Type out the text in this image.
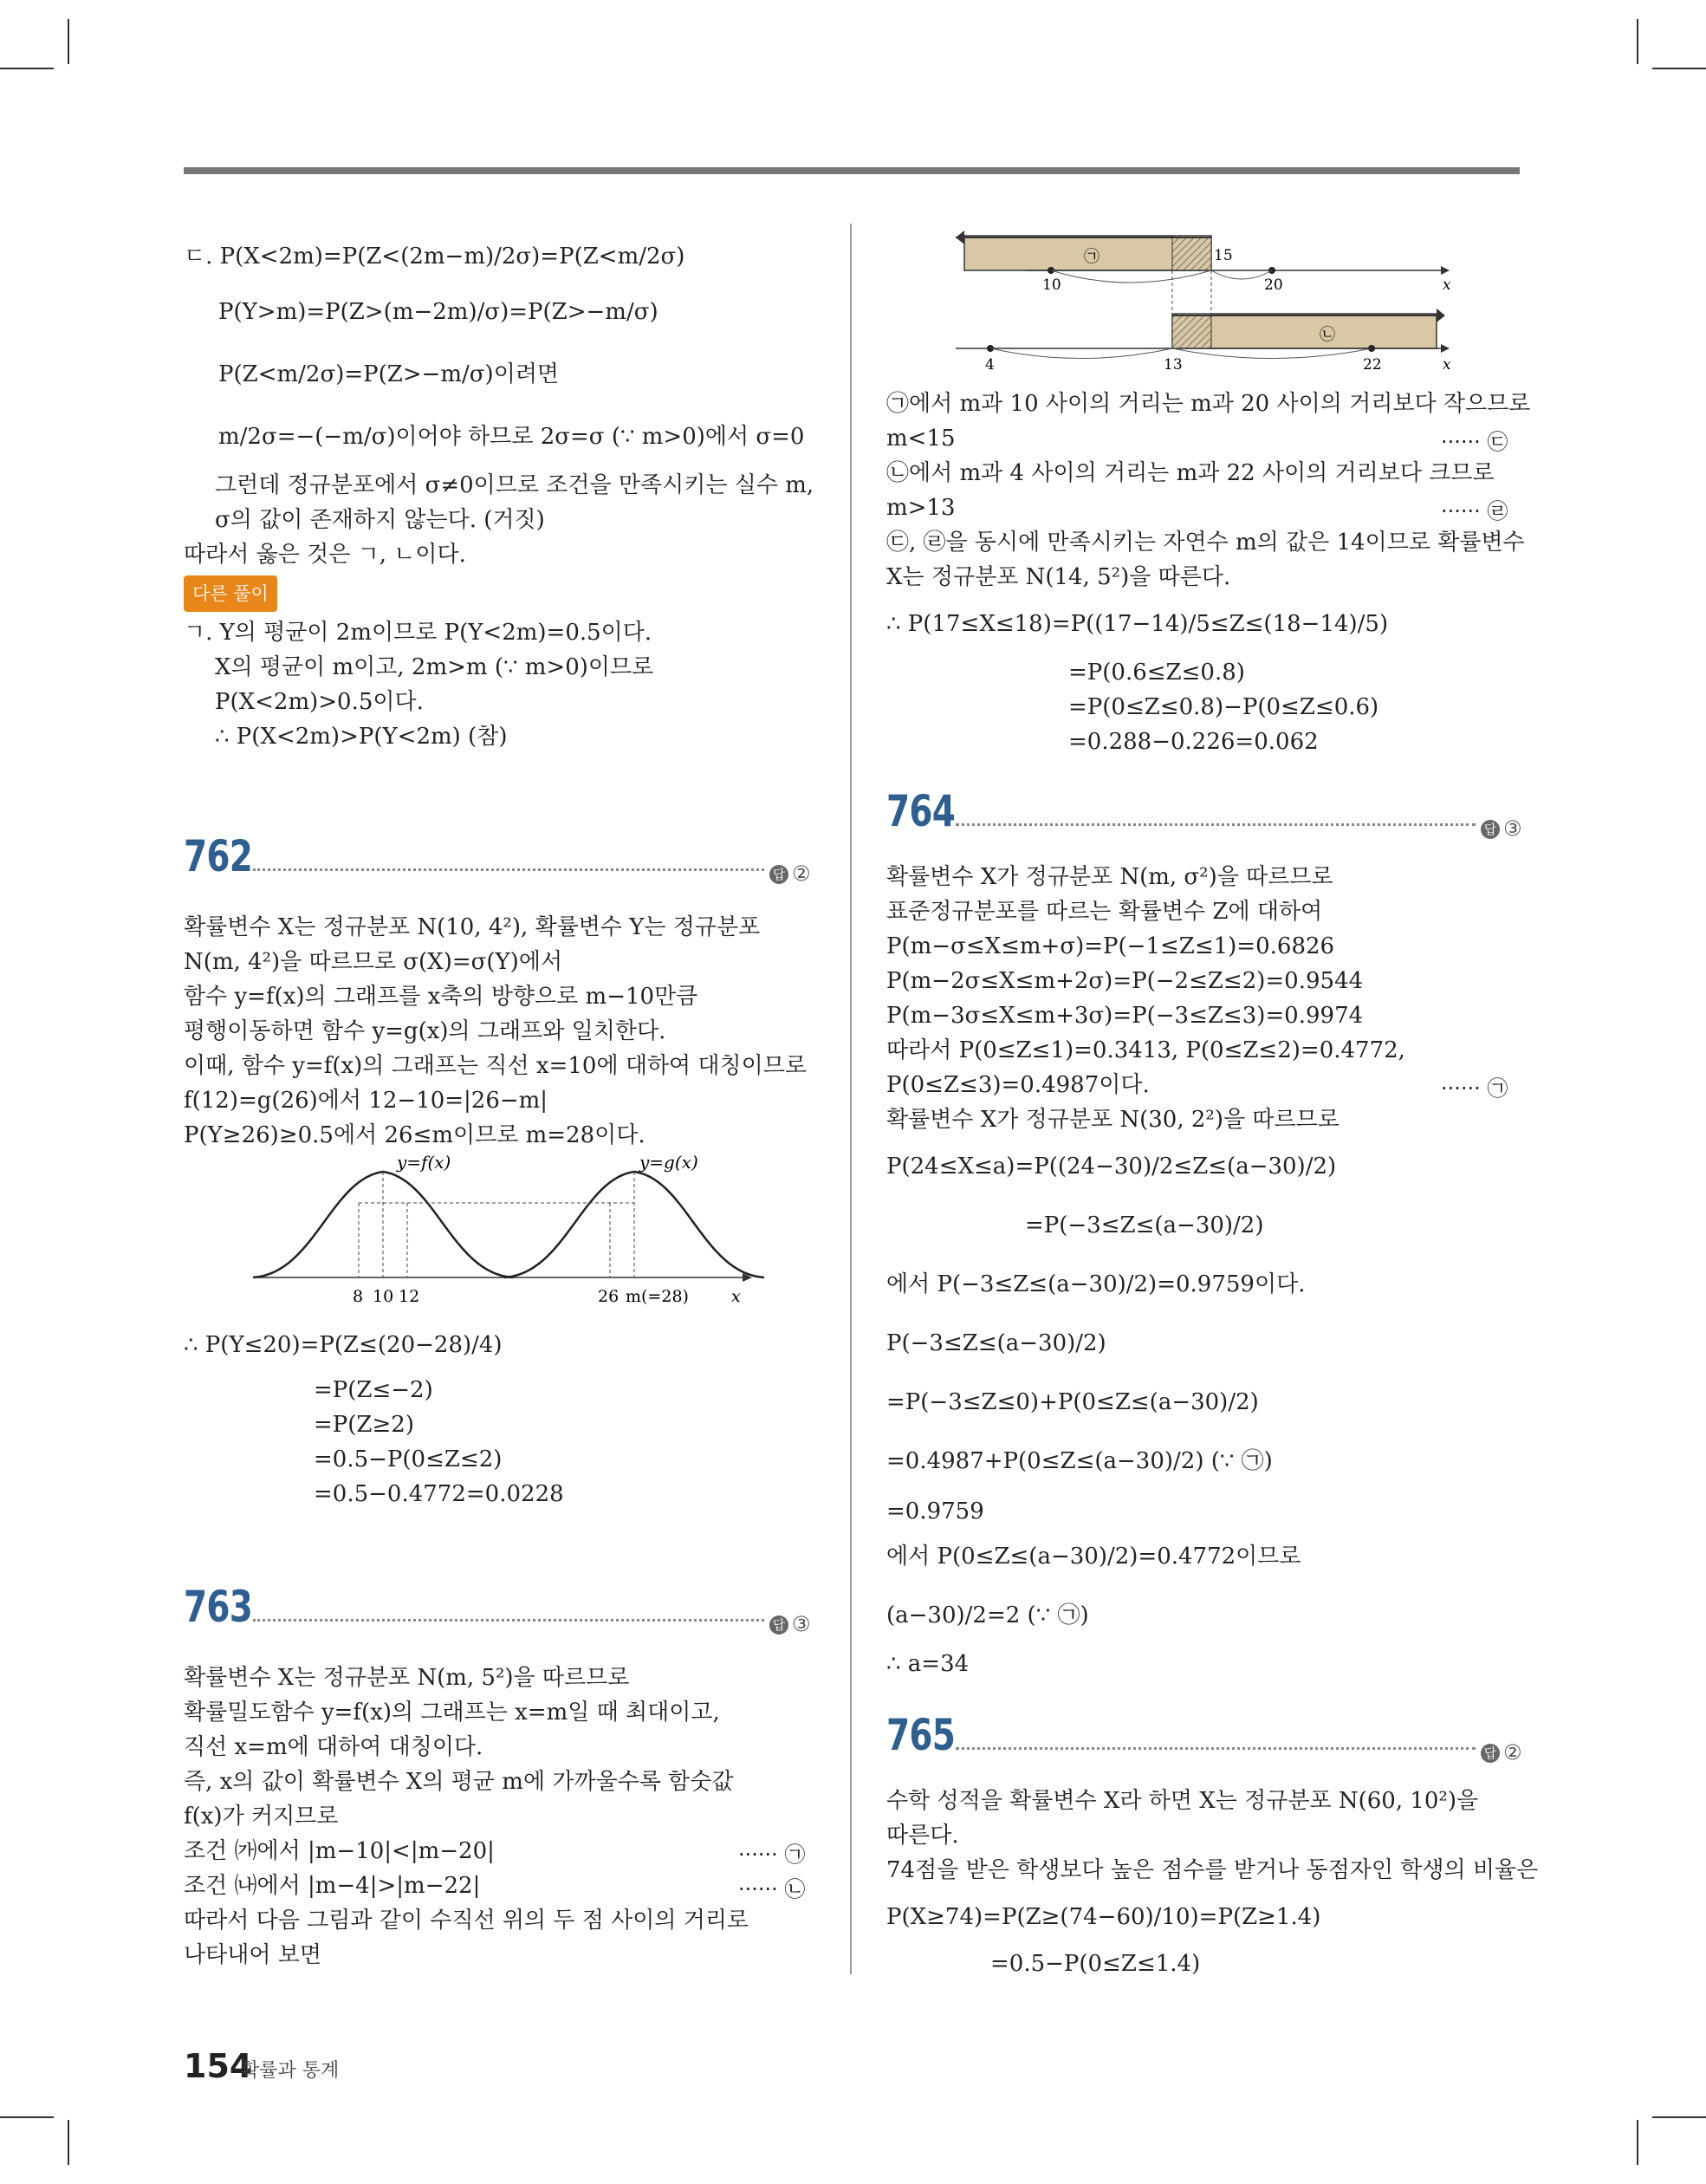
ㄷ. P(X<2m)=P(Z<(2m−m)/2σ)=P(Z<m/2σ)
P(Y>m)=P(Z>(m−2m)/σ)=P(Z>−m/σ)
P(Z<m/2σ)=P(Z>−m/σ)이려면
m/2σ=−(−m/σ)이어야 하므로 2σ=σ (∵ m>0)에서 σ=0
그런데 정규분포에서 σ≠0이므로 조건을 만족시키는 실수 m,
σ의 값이 존재하지 않는다. (거짓)
따라서 옳은 것은 ㄱ, ㄴ이다.
다른 풀이
ㄱ. Y의 평균이 2m이므로 P(Y<2m)=0.5이다.
X의 평균이 m이고, 2m>m (∵ m>0)이므로
P(X<2m)>0.5이다.
∴ P(X<2m)>P(Y<2m) (참)
762	답 ②
확률변수 X는 정규분포 N(10, 4²), 확률변수 Y는 정규분포
N(m, 4²)을 따르므로 σ(X)=σ(Y)에서
함수 y=f(x)의 그래프를 x축의 방향으로 m−10만큼
평행이동하면 함수 y=g(x)의 그래프와 일치한다.
이때, 함수 y=f(x)의 그래프는 직선 x=10에 대하여 대칭이므로
f(12)=g(26)에서 12−10=|26−m|
P(Y≥26)≥0.5에서 26≤m이므로 m=28이다.
y=f(x)	y=g(x)
8 10 12	26 m(=28)	x
∴ P(Y≤20)=P(Z≤(20−28)/4)
=P(Z≤−2)
=P(Z≥2)
=0.5−P(0≤Z≤2)
=0.5−0.4772=0.0228
763	답 ③
확률변수 X는 정규분포 N(m, 5²)을 따르므로
확률밀도함수 y=f(x)의 그래프는 x=m일 때 최대이고,
직선 x=m에 대하여 대칭이다.
즉, x의 값이 확률변수 X의 평균 m에 가까울수록 함숫값
f(x)가 커지므로
조건 ㈎에서 |m−10|<|m−20|	······ ㉠
조건 ㈏에서 |m−4|>|m−22|	······ ㉡
따라서 다음 그림과 같이 수직선 위의 두 점 사이의 거리로
나타내어 보면
㉠
10
15
20	x
㉡
4	13	22	x
㉠에서 m과 10 사이의 거리는 m과 20 사이의 거리보다 작으므로
m<15	······ ㉢
㉡에서 m과 4 사이의 거리는 m과 22 사이의 거리보다 크므로
m>13	······ ㉣
㉢, ㉣을 동시에 만족시키는 자연수 m의 값은 14이므로 확률변수
X는 정규분포 N(14, 5²)을 따른다.
∴ P(17≤X≤18)=P((17−14)/5≤Z≤(18−14)/5)
=P(0.6≤Z≤0.8)
=P(0≤Z≤0.8)−P(0≤Z≤0.6)
=0.288−0.226=0.062
764	답 ③
확률변수 X가 정규분포 N(m, σ²)을 따르므로
표준정규분포를 따르는 확률변수 Z에 대하여
P(m−σ≤X≤m+σ)=P(−1≤Z≤1)=0.6826
P(m−2σ≤X≤m+2σ)=P(−2≤Z≤2)=0.9544
P(m−3σ≤X≤m+3σ)=P(−3≤Z≤3)=0.9974
따라서 P(0≤Z≤1)=0.3413, P(0≤Z≤2)=0.4772,
P(0≤Z≤3)=0.4987이다.	······ ㉠
확률변수 X가 정규분포 N(30, 2²)을 따르므로
P(24≤X≤a)=P((24−30)/2≤Z≤(a−30)/2)
=P(−3≤Z≤(a−30)/2)
에서 P(−3≤Z≤(a−30)/2)=0.9759이다.
P(−3≤Z≤(a−30)/2)
=P(−3≤Z≤0)+P(0≤Z≤(a−30)/2)
=0.4987+P(0≤Z≤(a−30)/2) (∵ ㉠)
=0.9759
에서 P(0≤Z≤(a−30)/2)=0.4772이므로
(a−30)/2=2 (∵ ㉠)
∴ a=34
765	답 ②
수학 성적을 확률변수 X라 하면 X는 정규분포 N(60, 10²)을
따른다.
74점을 받은 학생보다 높은 점수를 받거나 동점자인 학생의 비율은
P(X≥74)=P(Z≥(74−60)/10)=P(Z≥1.4)
=0.5−P(0≤Z≤1.4)
154
확률과 통계
